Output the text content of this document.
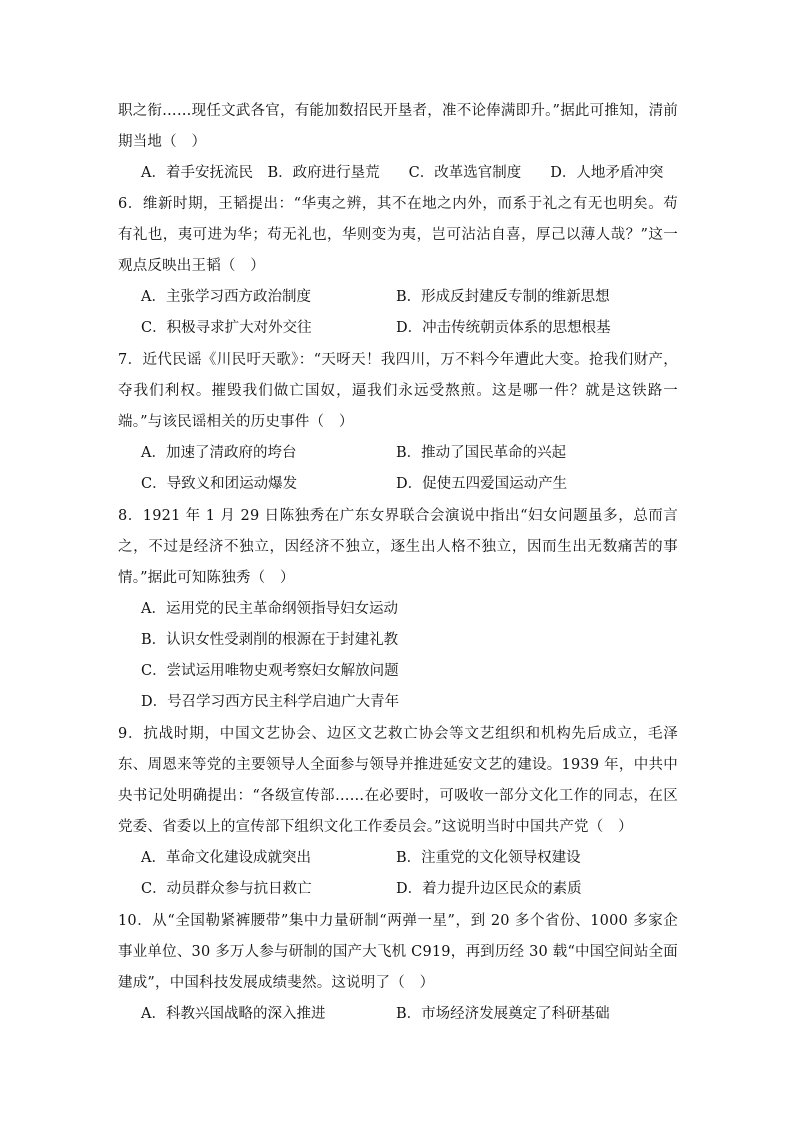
职之衔……现任文武各官，有能加数招民开垦者，准不论俸满即升。”据此可推知，清前期当地（　）
A．着手安抚流民　B．政府进行垦荒　　C．改革选官制度　　D．人地矛盾冲突
6．维新时期，王韬提出：“华夷之辨，其不在地之内外，而系于礼之有无也明矣。苟有礼也，夷可进为华；苟无礼也，华则变为夷，岂可沾沾自喜，厚己以薄人哉？”这一观点反映出王韬（　）
A．主张学习西方政治制度	B．形成反封建反专制的维新思想
C．积极寻求扩大对外交往	D．冲击传统朝贡体系的思想根基
7．近代民谣《川民吁天歌》：“天呀天！我四川，万不料今年遭此大变。抢我们财产，夺我们利权。摧毁我们做亡国奴，逼我们永远受熬煎。这是哪一件？就是这铁路一端。”与该民谣相关的历史事件（　）
A．加速了清政府的垮台	B．推动了国民革命的兴起
C．导致义和团运动爆发	D．促使五四爱国运动产生
8．1921 年 1 月 29 日陈独秀在广东女界联合会演说中指出“妇女问题虽多，总而言之，不过是经济不独立，因经济不独立，逐生出人格不独立，因而生出无数痛苦的事情。”据此可知陈独秀（　）
A．运用党的民主革命纲领指导妇女运动
B．认识女性受剥削的根源在于封建礼教
C．尝试运用唯物史观考察妇女解放问题
D．号召学习西方民主科学启迪广大青年
9．抗战时期，中国文艺协会、边区文艺救亡协会等文艺组织和机构先后成立，毛泽东、周恩来等党的主要领导人全面参与领导并推进延安文艺的建设。1939 年，中共中央书记处明确提出：“各级宣传部……在必要时，可吸收一部分文化工作的同志，在区党委、省委以上的宣传部下组织文化工作委员会。”这说明当时中国共产党（　）
A．革命文化建设成就突出	B．注重党的文化领导权建设
C．动员群众参与抗日救亡	D．着力提升边区民众的素质
10．从“全国勒紧裤腰带”集中力量研制“两弹一星”，到 20 多个省份、1000 多家企事业单位、30 多万人参与研制的国产大飞机 C919，再到历经 30 载“中国空间站全面建成”，中国科技发展成绩斐然。这说明了（　）
A．科教兴国战略的深入推进	B．市场经济发展奠定了科研基础
